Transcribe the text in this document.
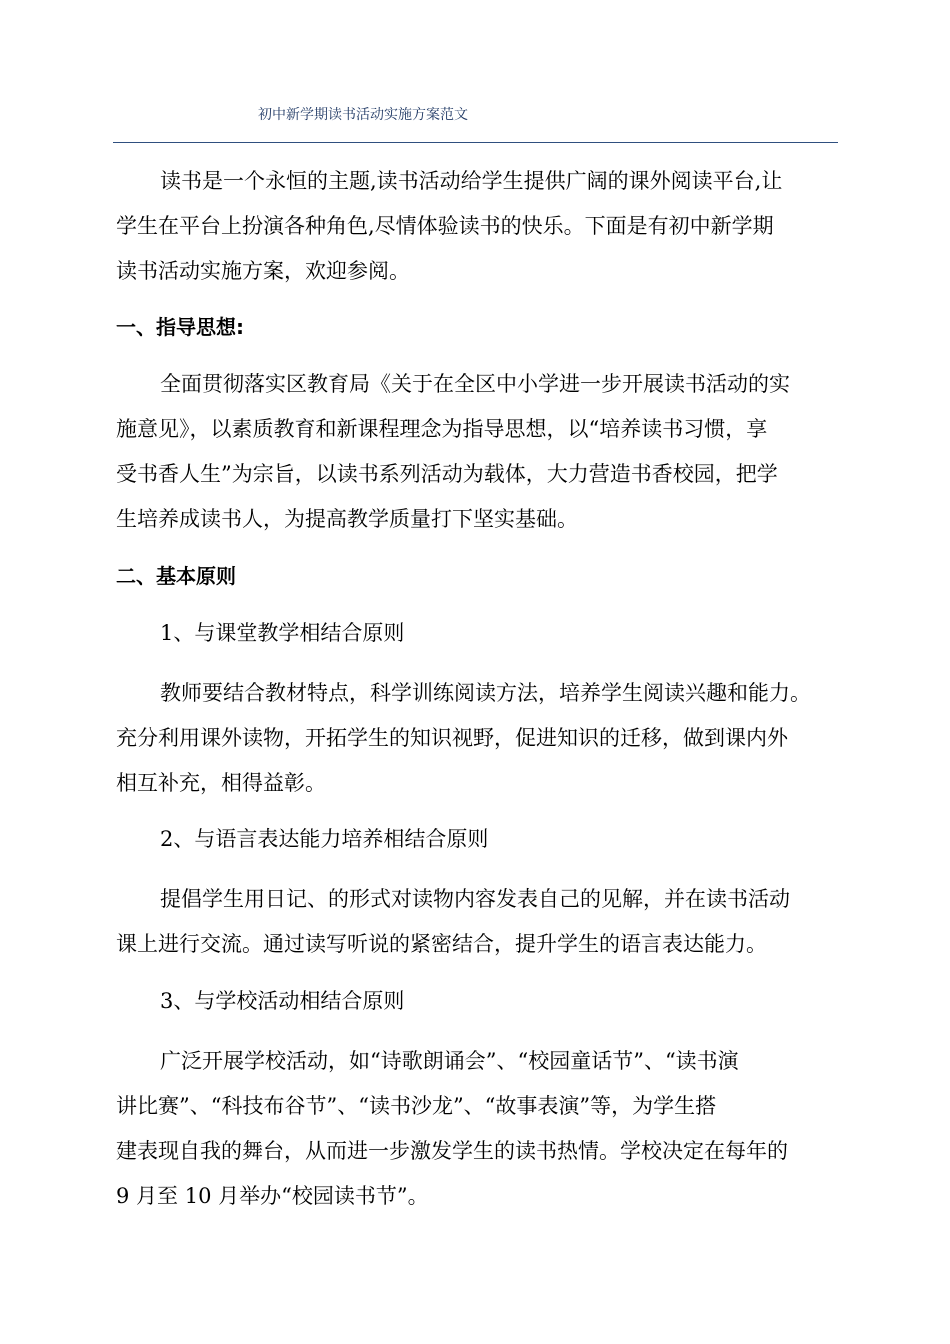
初中新学期读书活动实施方案范文
读书是一个永恒的主题,读书活动给学生提供广阔的课外阅读平台,让
学生在平台上扮演各种角色,尽情体验读书的快乐。下面是有初中新学期
读书活动实施方案，欢迎参阅。
一、指导思想:
全面贯彻落实区教育局《关于在全区中小学进一步开展读书活动的实
施意见》，以素质教育和新课程理念为指导思想，以“培养读书习惯，享
受书香人生”为宗旨，以读书系列活动为载体，大力营造书香校园，把学
生培养成读书人，为提高教学质量打下坚实基础。
二、基本原则
1、与课堂教学相结合原则
教师要结合教材特点，科学训练阅读方法，培养学生阅读兴趣和能力。
充分利用课外读物，开拓学生的知识视野，促进知识的迁移，做到课内外
相互补充，相得益彰。
2、与语言表达能力培养相结合原则
提倡学生用日记、的形式对读物内容发表自己的见解，并在读书活动
课上进行交流。通过读写听说的紧密结合，提升学生的语言表达能力。
3、与学校活动相结合原则
广泛开展学校活动，如“诗歌朗诵会”、“校园童话节”、“读书演
讲比赛”、“科技布谷节”、“读书沙龙”、“故事表演”等，为学生搭
建表现自我的舞台，从而进一步激发学生的读书热情。学校决定在每年的
9 月至 10 月举办“校园读书节”。
